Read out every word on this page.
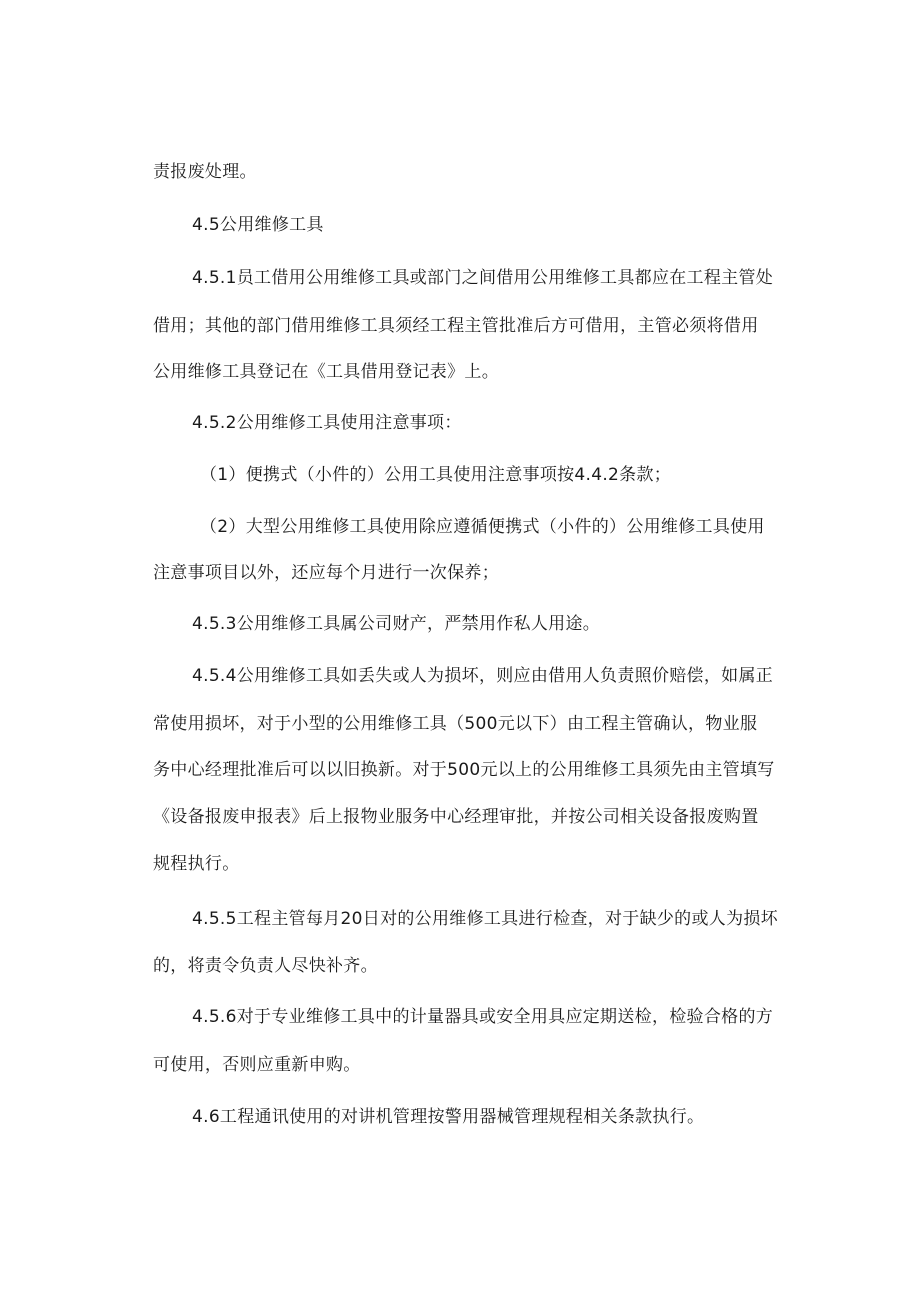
责报废处理。
4.5公用维修工具
4.5.1员工借用公用维修工具或部门之间借用公用维修工具都应在工程主管处
借用；其他的部门借用维修工具须经工程主管批准后方可借用，主管必须将借用
公用维修工具登记在《工具借用登记表》上。
4.5.2公用维修工具使用注意事项：
（1）便携式（小件的）公用工具使用注意事项按4.4.2条款；
（2）大型公用维修工具使用除应遵循便携式（小件的）公用维修工具使用
注意事项目以外，还应每个月进行一次保养；
4.5.3公用维修工具属公司财产，严禁用作私人用途。
4.5.4公用维修工具如丢失或人为损坏，则应由借用人负责照价赔偿，如属正
常使用损坏，对于小型的公用维修工具（500元以下）由工程主管确认，物业服
务中心经理批准后可以以旧换新。对于500元以上的公用维修工具须先由主管填写
《设备报废申报表》后上报物业服务中心经理审批，并按公司相关设备报废购置
规程执行。
4.5.5工程主管每月20日对的公用维修工具进行检查，对于缺少的或人为损坏
的，将责令负责人尽快补齐。
4.5.6对于专业维修工具中的计量器具或安全用具应定期送检，检验合格的方
可使用，否则应重新申购。
4.6工程通讯使用的对讲机管理按警用器械管理规程相关条款执行。
